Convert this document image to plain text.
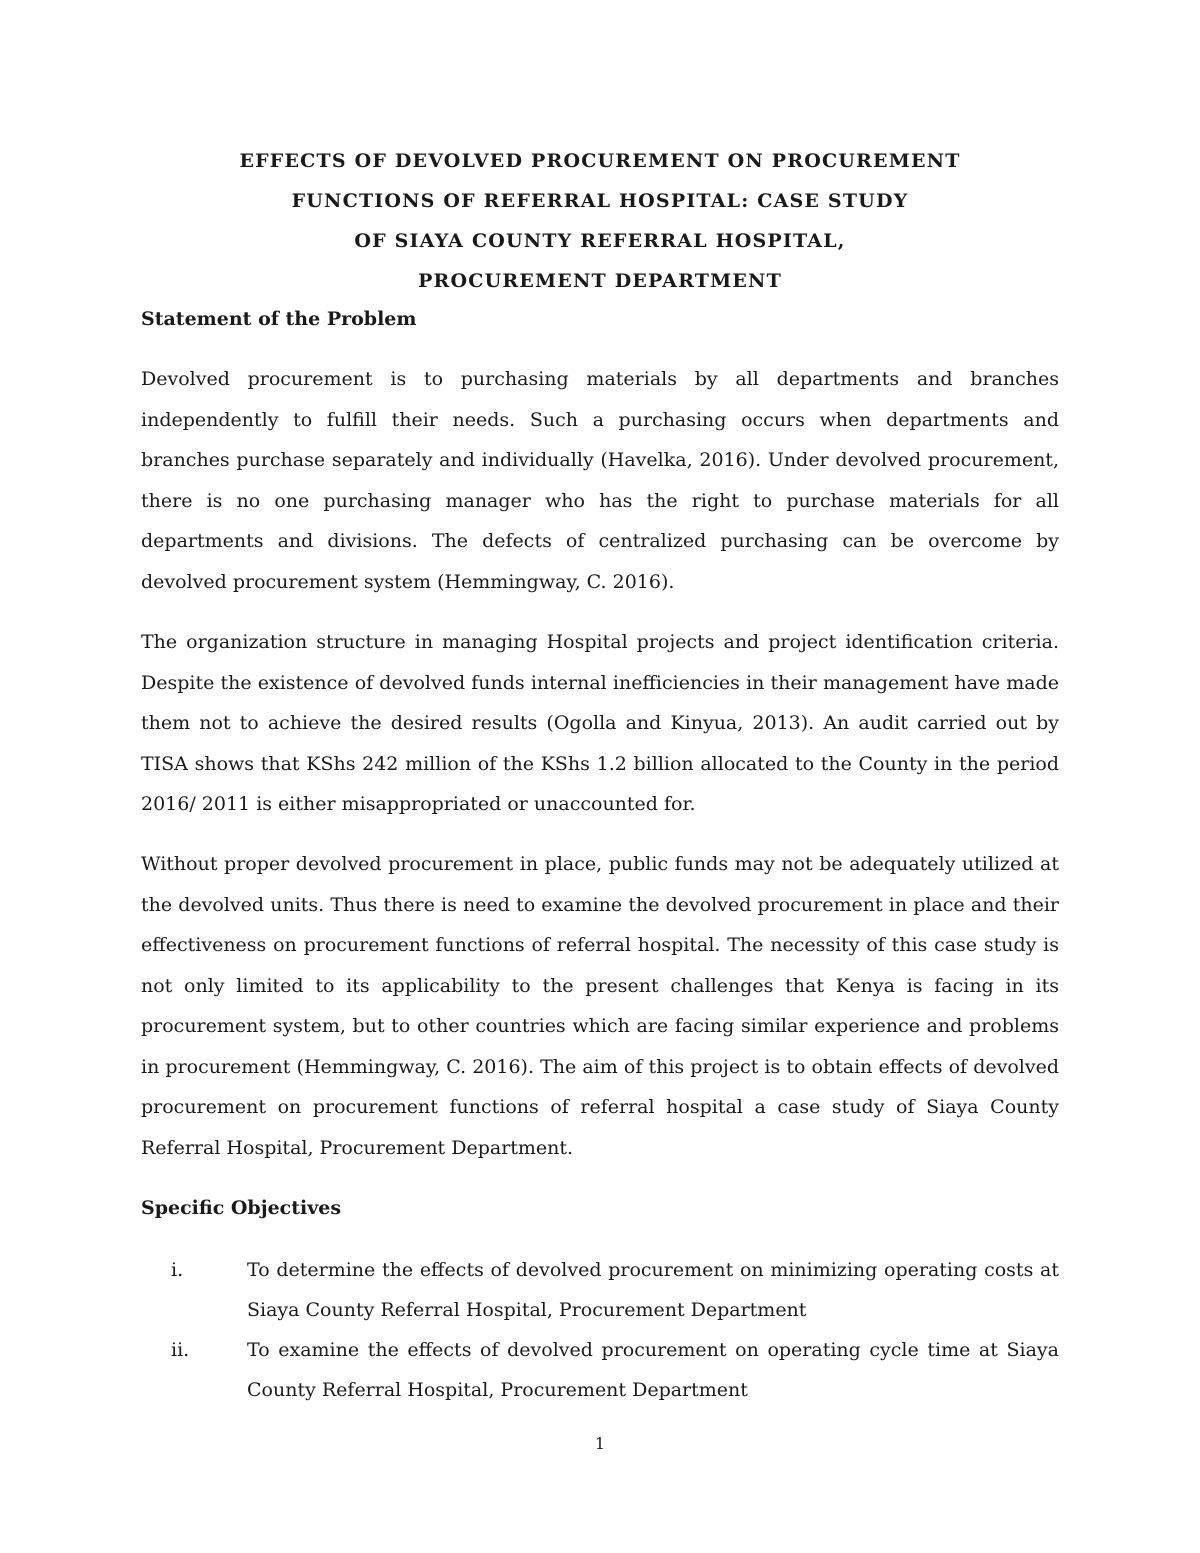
EFFECTS OF DEVOLVED PROCUREMENT ON PROCUREMENT
FUNCTIONS OF REFERRAL HOSPITAL: CASE STUDY
OF SIAYA COUNTY REFERRAL HOSPITAL,
PROCUREMENT DEPARTMENT
Statement of the Problem

Devolved procurement is to purchasing materials by all departments and branches independently to fulfill their needs. Such a purchasing occurs when departments and branches purchase separately and individually (Havelka, 2016). Under devolved procurement, there is no one purchasing manager who has the right to purchase materials for all departments and divisions. The defects of centralized purchasing can be overcome by devolved procurement system (Hemmingway, C. 2016).

The organization structure in managing Hospital projects and project identification criteria. Despite the existence of devolved funds internal inefficiencies in their management have made them not to achieve the desired results (Ogolla and Kinyua, 2013). An audit carried out by TISA shows that KShs 242 million of the KShs 1.2 billion allocated to the County in the period 2016/ 2011 is either misappropriated or unaccounted for.

Without proper devolved procurement in place, public funds may not be adequately utilized at the devolved units. Thus there is need to examine the devolved procurement in place and their effectiveness on procurement functions of referral hospital. The necessity of this case study is not only limited to its applicability to the present challenges that Kenya is facing in its procurement system, but to other countries which are facing similar experience and problems in procurement (Hemmingway, C. 2016). The aim of this project is to obtain effects of devolved procurement on procurement functions of referral hospital a case study of Siaya County Referral Hospital, Procurement Department.

Specific Objectives
i.	To determine the effects of devolved procurement on minimizing operating costs at Siaya County Referral Hospital, Procurement Department
ii.	To examine the effects of devolved procurement on operating cycle time at Siaya County Referral Hospital, Procurement Department
1
